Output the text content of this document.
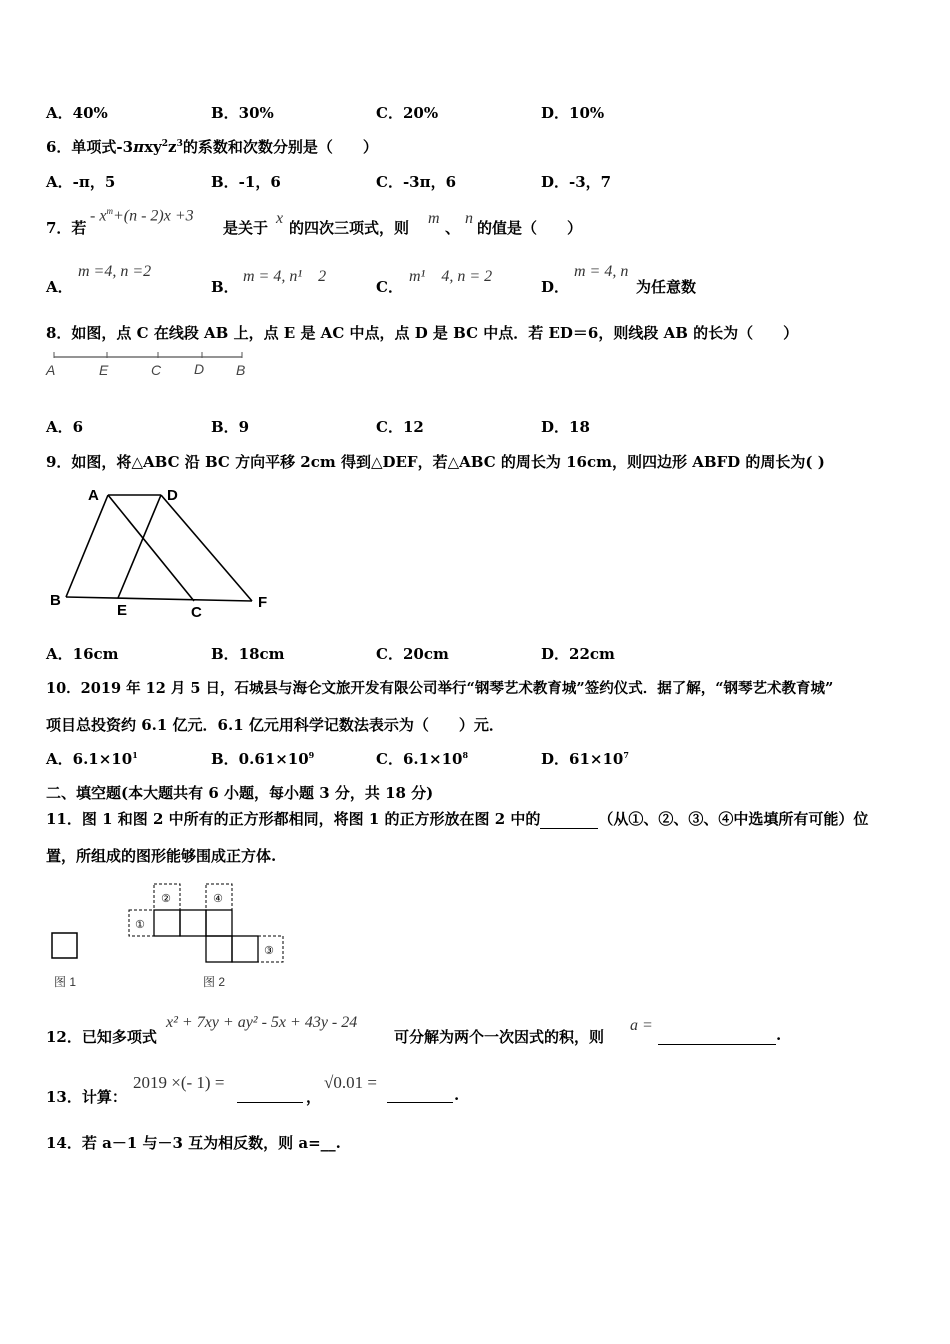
A．40%	B．30%	C．20%	D．10%
6．单项式$-3\pi xy^2z^3$的系数和次数分别是（　　）
A．-π，5	B．-1，6	C．-3π，6	D．-3，7
7．若
- $x^m+(n - 2)x +3$
是关于
x
的四次三项式，则
m
、
n
的值是（　　）
A．
m =4, n =2
B．
m = 4, n¹　2
C．
m¹　4, n = 2
D．
m = 4, n
为任意数
8．如图，点 C 在线段 AB 上，点 E 是 AC 中点，点 D 是 BC 中点．若 ED＝6，则线段 AB 的长为（　　）
A	E	C D B
A．6	B．9	C．12	D．18
9．如图，将△ABC 沿 BC 方向平移 2cm 得到△DEF，若△ABC 的周长为 16cm，则四边形 ABFD 的周长为( )
A	D
B
E	C
F
A．16cm	B．18cm	C．20cm	D．22cm
10．2019 年 12 月 5 日，石城县与海仑文旅开发有限公司举行“钢琴艺术教育城”签约仪式．据了解，“钢琴艺术教育城”
项目总投资约 6.1 亿元．6.1 亿元用科学记数法表示为（　　）元．
A．$6.1\times 10^1$	B．$0.61\times 10^9$	C．$6.1\times 10^8$	D．$61\times 10^7$
二、填空题(本大题共有 6 小题，每小题 3 分，共 18 分)
11．图 1 和图 2 中所有的正方形都相同，将图 1 的正方形放在图 2 中的	（从①、②、③、④中选填所有可能）位
置，所组成的图形能够围成正方体.
图 1
①
②
③
④
图 2
12．已知多项式
x² + 7xy + ay² - 5x + 43y - 24
可分解为两个一次因式的积，则
a =
.
13．计算：
2019 ×(- 1) =
，
√0.01 =
.
14．若 a－1 与－3 互为相反数，则 a=__.
